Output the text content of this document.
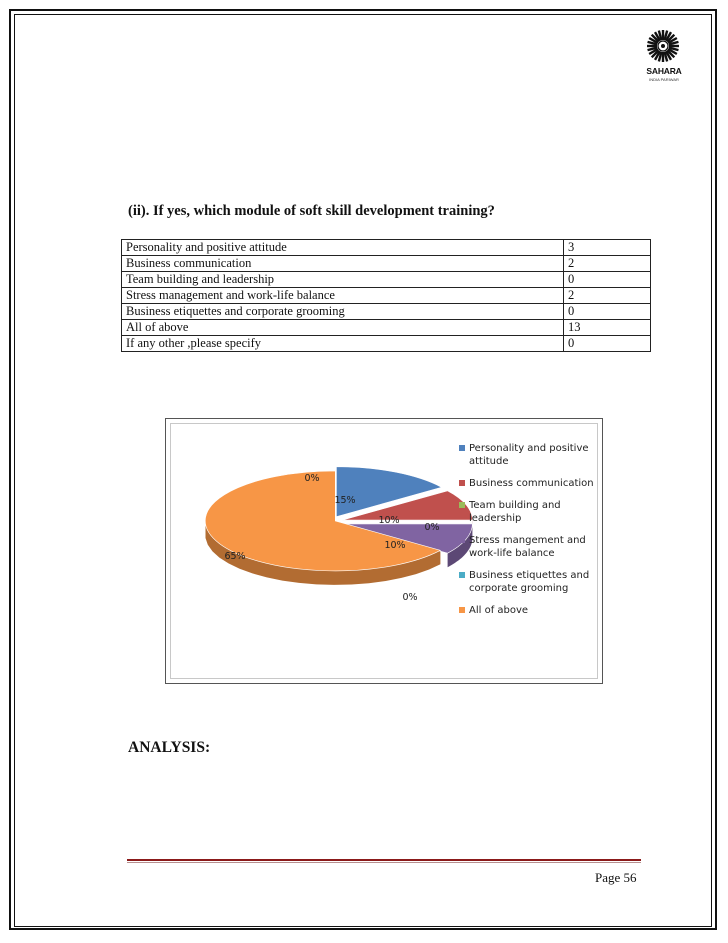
SAHARA
INDIA PARIWAR
(ii). If yes, which module of soft skill development training?
Personality and positive attitude	3
Business communication	2
Team building and leadership	0
Stress management and work-life balance	2
Business etiquettes and corporate grooming	0
All of above	13
If any other ,please specify	0
15%
10%
0%
10%
0%
65%
0%
Personality and positive
attitude
Business communication
Team building and
leadership
Stress mangement and
work-life balance
Business etiquettes and
corporate grooming
All of above
ANALYSIS:
Page 56
